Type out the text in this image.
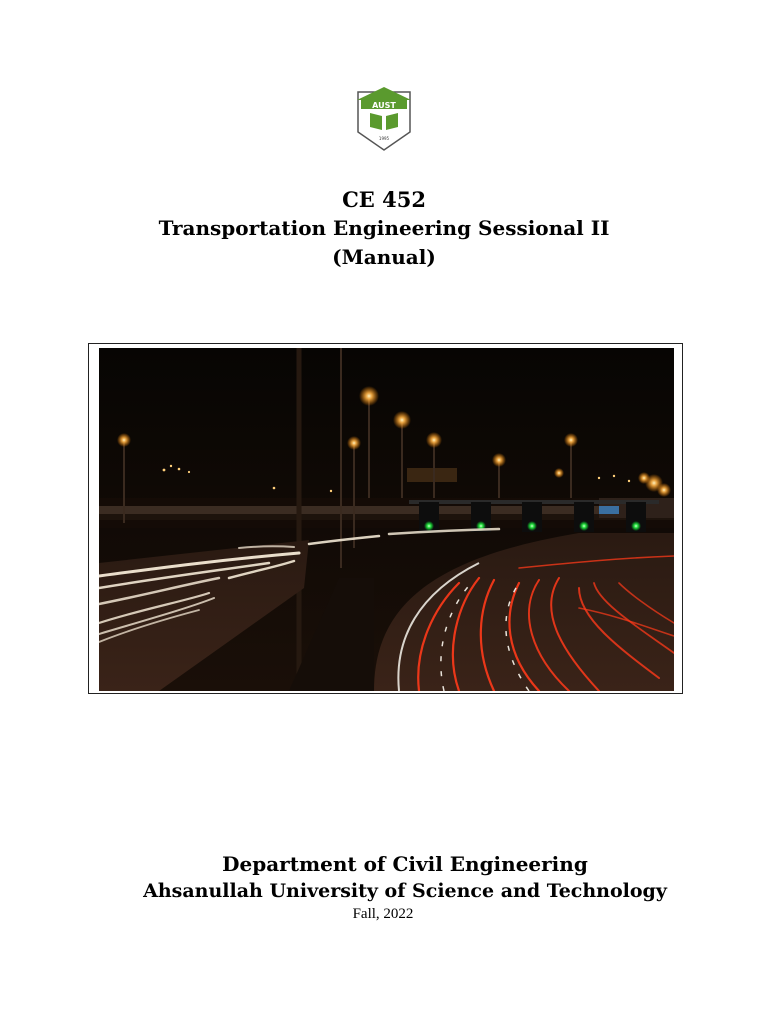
AUST
1995
CE 452
Transportation Engineering Sessional II
(Manual)
Department of Civil Engineering
Ahsanullah University of Science and Technology
Fall, 2022
